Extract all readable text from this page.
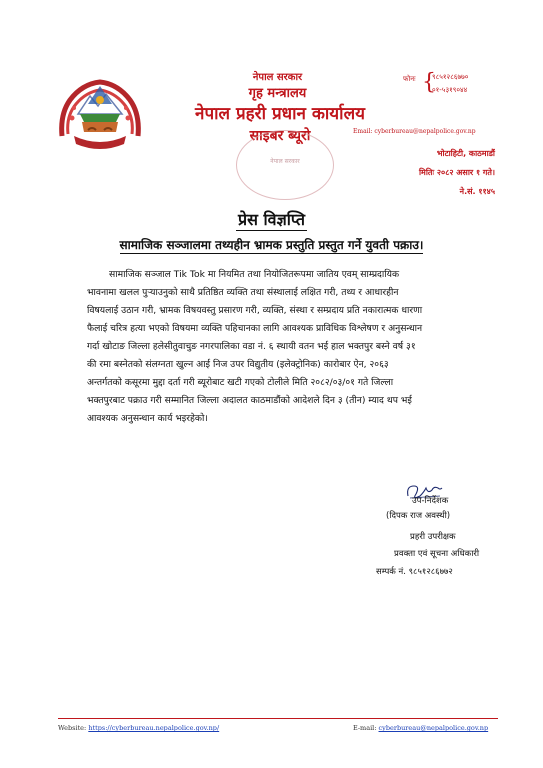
नेपाल सरकार
गृह मन्त्रालय
नेपाल प्रहरी प्रधान कार्यालय
साइबर ब्यूरो
फोनः {
९८५१२८६७७०
०१-५३१९०४४
Email: cyberbureau@nepalpolice.gov.np
नेपाल सरकार
भोटाहिटी, काठमाडौं
मितिः २०८२ असार १ गते।
ने.सं. ११४५
प्रेस विज्ञप्ति
सामाजिक सञ्जालमा तथ्यहीन भ्रामक प्रस्तुति प्रस्तुत गर्ने युवती पक्राउ।
सामाजिक सञ्जाल Tik Tok मा नियमित तथा नियोजितरूपमा जातिय एवम् साम्प्रदायिक
भावनामा खलल पुऱ्याउनुको साथै प्रतिष्ठित व्यक्ति तथा संस्थालाई लक्षित गरी, तथ्य र आधारहीन
विषयलाई उठान गरी, भ्रामक विषयवस्तु प्रसारण गरी, व्यक्ति, संस्था र सम्प्रदाय प्रति नकारात्मक धारणा
फैलाई चरित्र हत्या भएको विषयमा व्यक्ति पहिचानका लागि आवश्यक प्राविधिक विश्लेषण र अनुसन्धान
गर्दा खोटाङ जिल्ला हलेसीतुवाचुङ नगरपालिका वडा नं. ६ स्थायी वतन भई हाल भक्तपुर बस्ने वर्ष ३१
की रमा बस्नेतको संलग्नता खुल्न आई निज उपर विद्युतीय (इलेक्ट्रोनिक) कारोबार ऐन, २०६३
अन्तर्गतको कसूरमा मुद्दा दर्ता गरी ब्यूरोबाट खटी गएको टोलीले मिति २०८२/०३/०१ गते जिल्ला
भक्तपुरबाट पक्राउ गरी सम्मानित जिल्ला अदालत काठमाडौंको आदेशले दिन ३ (तीन) म्याद थप भई
आवश्यक अनुसन्धान कार्य भइरहेको।
उप-निर्देशक
(दिपक राज अवस्थी)
प्रहरी उपरीक्षक
प्रवक्ता एवं सूचना अधिकारी
सम्पर्क नं. ९८५१२८६७७२
Website: https://cyberbureau.nepalpolice.gov.np/	E-mail: cyberbureau@nepalpolice.gov.np
